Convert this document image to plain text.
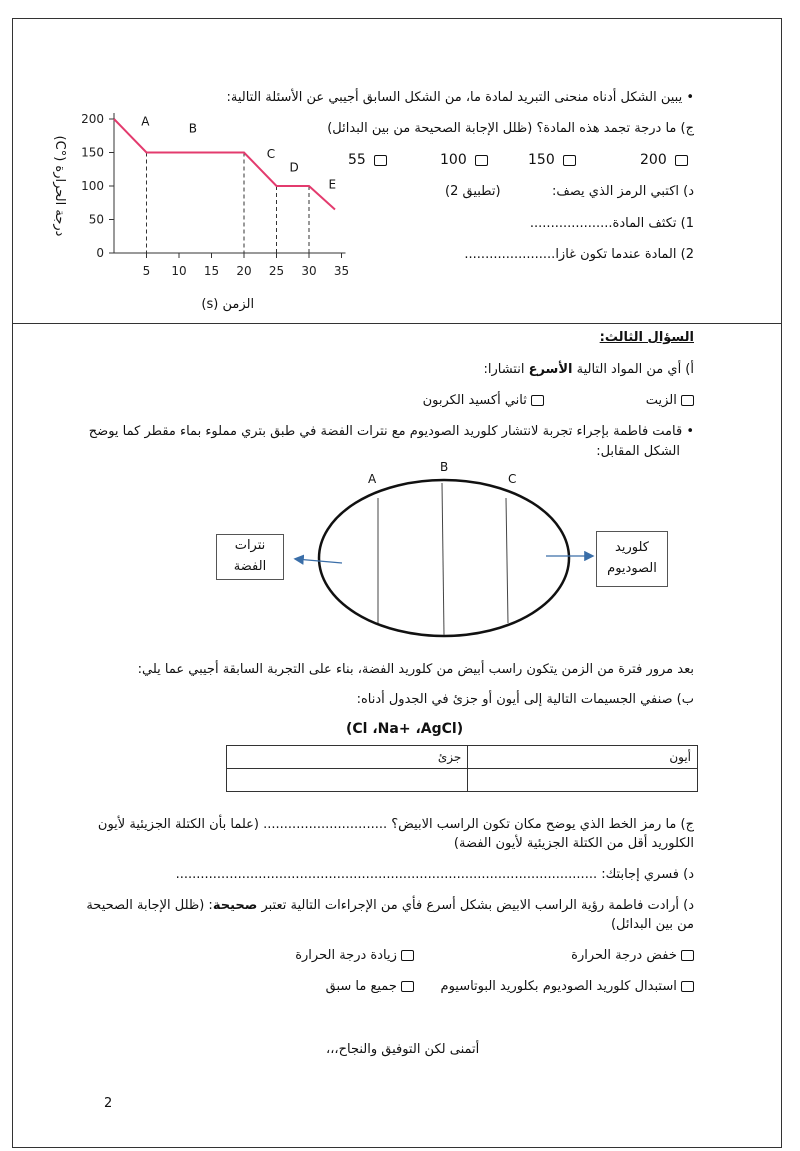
0
50
100
150
200
5 10 15 20 25 30 35
A	B
C
D
E
الزمن (s)
درجة الحرارة (°C)
• يبين الشكل أدناه منحنى التبريد لمادة ما، من الشكل السابق أجيبي عن الأسئلة التالية:
ج) ما درجة تجمد هذه المادة؟ (ظلل الإجابة الصحيحة من بين البدائل)
200
150
100
55
د) اكتبي الرمز الذي يصف:
(تطبيق 2)
1) تكثف المادة....................
2) المادة عندما تكون غازا......................
السؤال الثالث:
أ) أي من المواد التالية الأسرع انتشارا:
الزيت
ثاني أكسيد الكربون
• قامت فاطمة بإجراء تجربة لانتشار كلوريد الصوديوم مع نترات الفضة في طبق بتري مملوء بماء مقطر كما يوضح
الشكل المقابل:
A
B
C
نترات
الفضة
كلوريد
الصوديوم
بعد مرور فترة من الزمن يتكون راسب أبيض من كلوريد الفضة، بناء على التجربة السابقة أجيبي عما يلي:
ب) صنفي الجسيمات التالية إلى أيون أو جزئ في الجدول أدناه:
(Cl ،Na+ ،AgCl)
أيون	جزئ

ج) ما رمز الخط الذي يوضح مكان تكون الراسب الابيض؟ .............................. (علما بأن الكتلة الجزيئية لأيون
الكلوريد أقل من الكتلة الجزيئية لأيون الفضة)
د) فسري إجابتك: ......................................................................................................
د) أرادت فاطمة رؤية الراسب الابيض بشكل أسرع فأي من الإجراءات التالية تعتبر صحيحة: (ظلل الإجابة الصحيحة
من بين البدائل)
خفض درجة الحرارة
زيادة درجة الحرارة
استبدال كلوريد الصوديوم بكلوريد البوتاسيوم
جميع ما سبق
أتمنى لكن التوفيق والنجاح،،،
2
